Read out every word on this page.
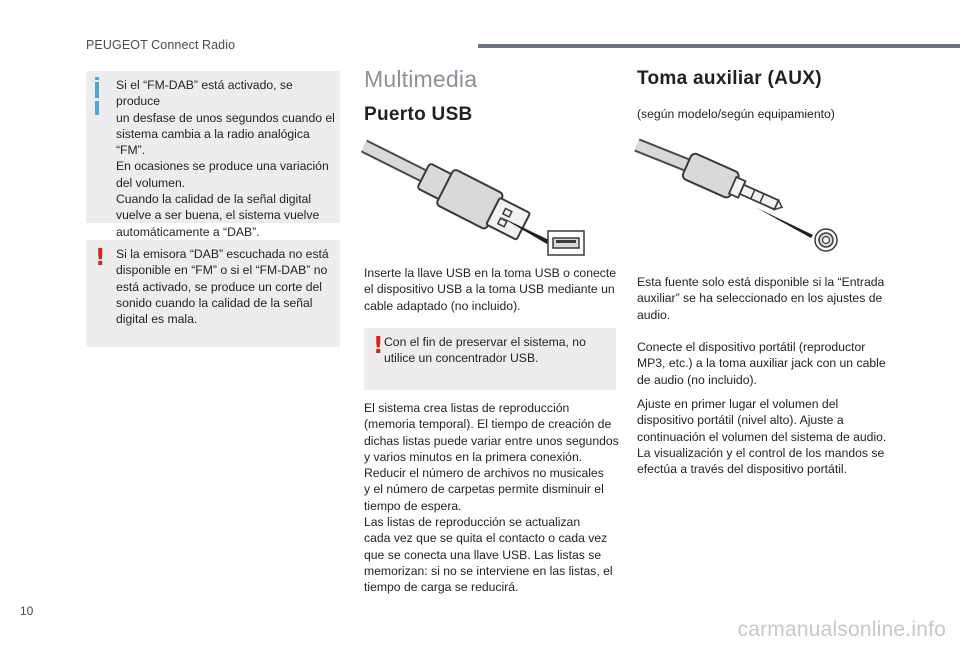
PEUGEOT Connect Radio
Si el “FM-DAB” está activado, se produce
un desfase de unos segundos cuando el
sistema cambia a la radio analógica “FM”.
En ocasiones se produce una variación
del volumen.
Cuando la calidad de la señal digital
vuelve a ser buena, el sistema vuelve
automáticamente a “DAB”.
! Si la emisora “DAB” escuchada no está
disponible en “FM” o si el “FM-DAB” no
está activado, se produce un corte del
sonido cuando la calidad de la señal
digital es mala.
Multimedia
Puerto USB
Inserte la llave USB en la toma USB o conecte
el dispositivo USB a la toma USB mediante un
cable adaptado (no incluido).
! Con el fin de preservar el sistema, no
utilice un concentrador USB.
El sistema crea listas de reproducción
(memoria temporal). El tiempo de creación de
dichas listas puede variar entre unos segundos
y varios minutos en la primera conexión.
Reducir el número de archivos no musicales
y el número de carpetas permite disminuir el
tiempo de espera.
Las listas de reproducción se actualizan
cada vez que se quita el contacto o cada vez
que se conecta una llave USB. Las listas se
memorizan: si no se interviene en las listas, el
tiempo de carga se reducirá.
Toma auxiliar (AUX)
(según modelo/según equipamiento)
Esta fuente solo está disponible si la “Entrada
auxiliar” se ha seleccionado en los ajustes de
audio.
Conecte el dispositivo portátil (reproductor
MP3, etc.) a la toma auxiliar jack con un cable
de audio (no incluido).
Ajuste en primer lugar el volumen del
dispositivo portátil (nivel alto). Ajuste a
continuación el volumen del sistema de audio.
La visualización y el control de los mandos se
efectúa a través del dispositivo portátil.
10
carmanualsonline.info
